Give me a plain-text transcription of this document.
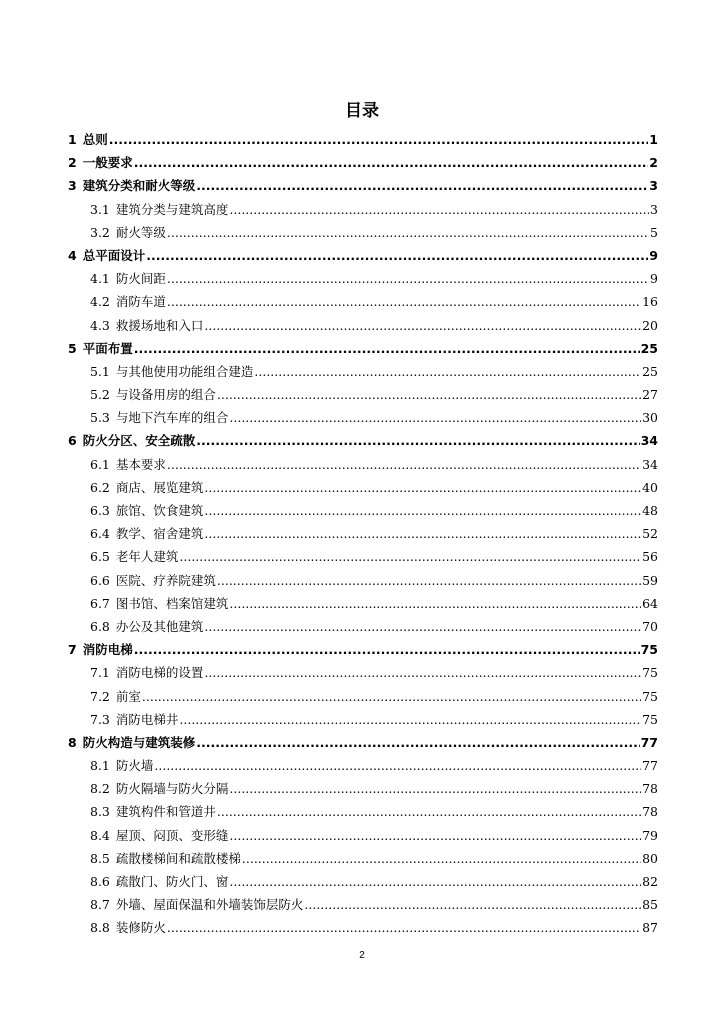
目录
1 总则 .....	1
2 一般要求 .....	2
3 建筑分类和耐火等级 .....	3
3.1 建筑分类与建筑高度 .....	3
3.2 耐火等级 .....	5
4 总平面设计 .....	9
4.1 防火间距 .....	9
4.2 消防车道 .....	16
4.3 救援场地和入口 .....	20
5 平面布置 .....	25
5.1 与其他使用功能组合建造 .....	25
5.2 与设备用房的组合 .....	27
5.3 与地下汽车库的组合 .....	30
6 防火分区、安全疏散 .....	34
6.1 基本要求 .....	34
6.2 商店、展览建筑 .....	40
6.3 旅馆、饮食建筑 .....	48
6.4 教学、宿舍建筑 .....	52
6.5 老年人建筑 .....	56
6.6 医院、疗养院建筑 .....	59
6.7 图书馆、档案馆建筑 .....	64
6.8 办公及其他建筑 .....	70
7 消防电梯 .....	75
7.1 消防电梯的设置 .....	75
7.2 前室 .....	75
7.3 消防电梯井 .....	75
8 防火构造与建筑装修 .....	77
8.1 防火墙 .....	77
8.2 防火隔墙与防火分隔 .....	78
8.3 建筑构件和管道井 .....	78
8.4 屋顶、闷顶、变形缝 .....	79
8.5 疏散楼梯间和疏散楼梯 .....	80
8.6 疏散门、防火门、窗 .....	82
8.7 外墙、屋面保温和外墙装饰层防火 .....	85
8.8 装修防火 .....	87
2
